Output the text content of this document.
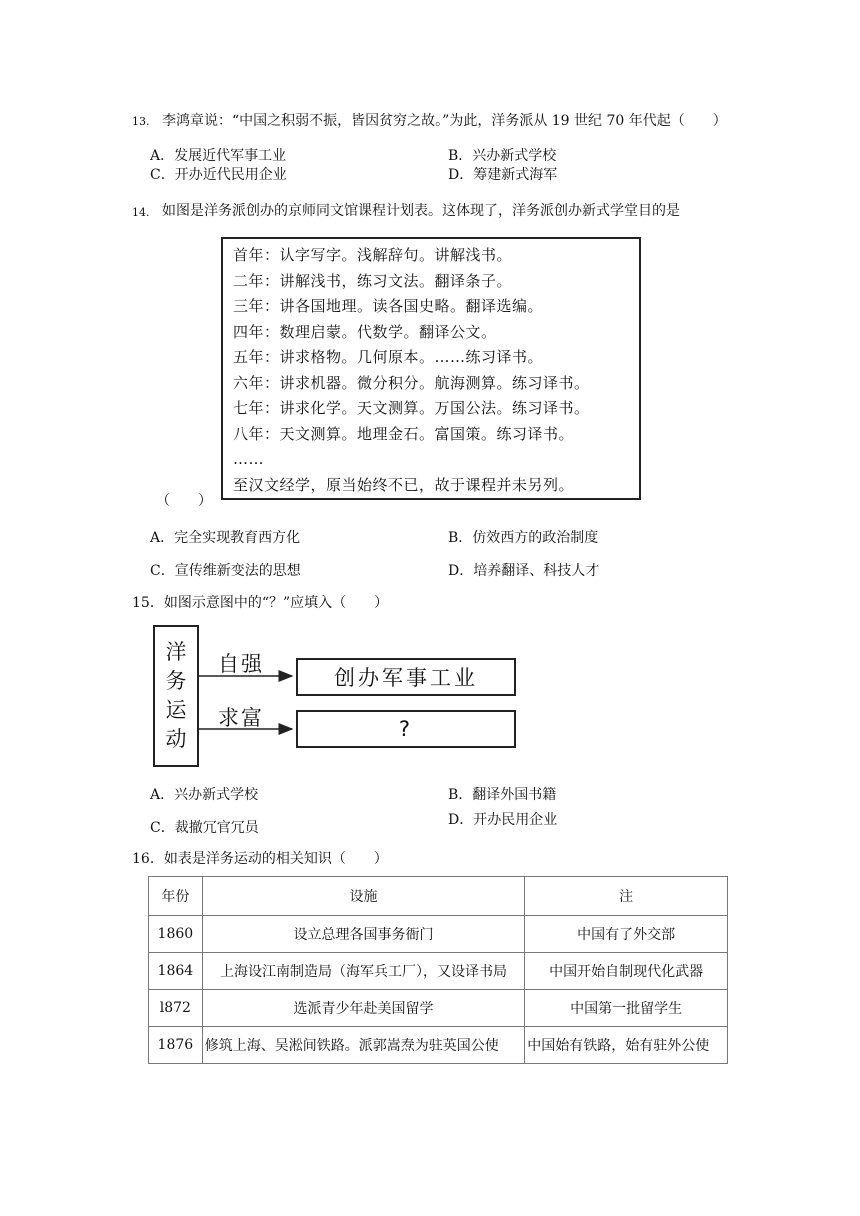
13. 李鸿章说：“中国之积弱不振，皆因贫穷之故。”为此，洋务派从 19 世纪 70 年代起（　　）
A．发展近代军事工业	B．兴办新式学校
C．开办近代民用企业	D．筹建新式海军
14. 如图是洋务派创办的京师同文馆课程计划表。这体现了，洋务派创办新式学堂目的是
首年：认字写字。浅解辞句。讲解浅书。
二年：讲解浅书，练习文法。翻译条子。
三年：讲各国地理。读各国史略。翻译选编。
四年：数理启蒙。代数学。翻译公文。
五年：讲求格物。几何原本。……练习译书。
六年：讲求机器。微分积分。航海测算。练习译书。
七年：讲求化学。天文测算。万国公法。练习译书。
八年：天文测算。地理金石。富国策。练习译书。
……
至汉文经学，原当始终不已，故于课程并未另列。
（　　）
A．完全实现教育西方化	B．仿效西方的政治制度
C．宣传维新变法的思想	D．培养翻译、科技人才
15．如图示意图中的“？”应填入（　　）
洋
务
运
动
自强
求富
创办军事工业
?
A．兴办新式学校	B．翻译外国书籍
C．裁撤冗官冗员	D．开办民用企业
16．如表是洋务运动的相关知识（　　）
年份	设施	注
1860	设立总理各国事务衙门	中国有了外交部
1864	上海设江南制造局（海军兵工厂），又设译书局	中国开始自制现代化武器
l872	选派青少年赴美国留学	中国第一批留学生
1876	修筑上海、吴淞间铁路。派郭嵩焘为驻英国公使	中国始有铁路，始有驻外公使
